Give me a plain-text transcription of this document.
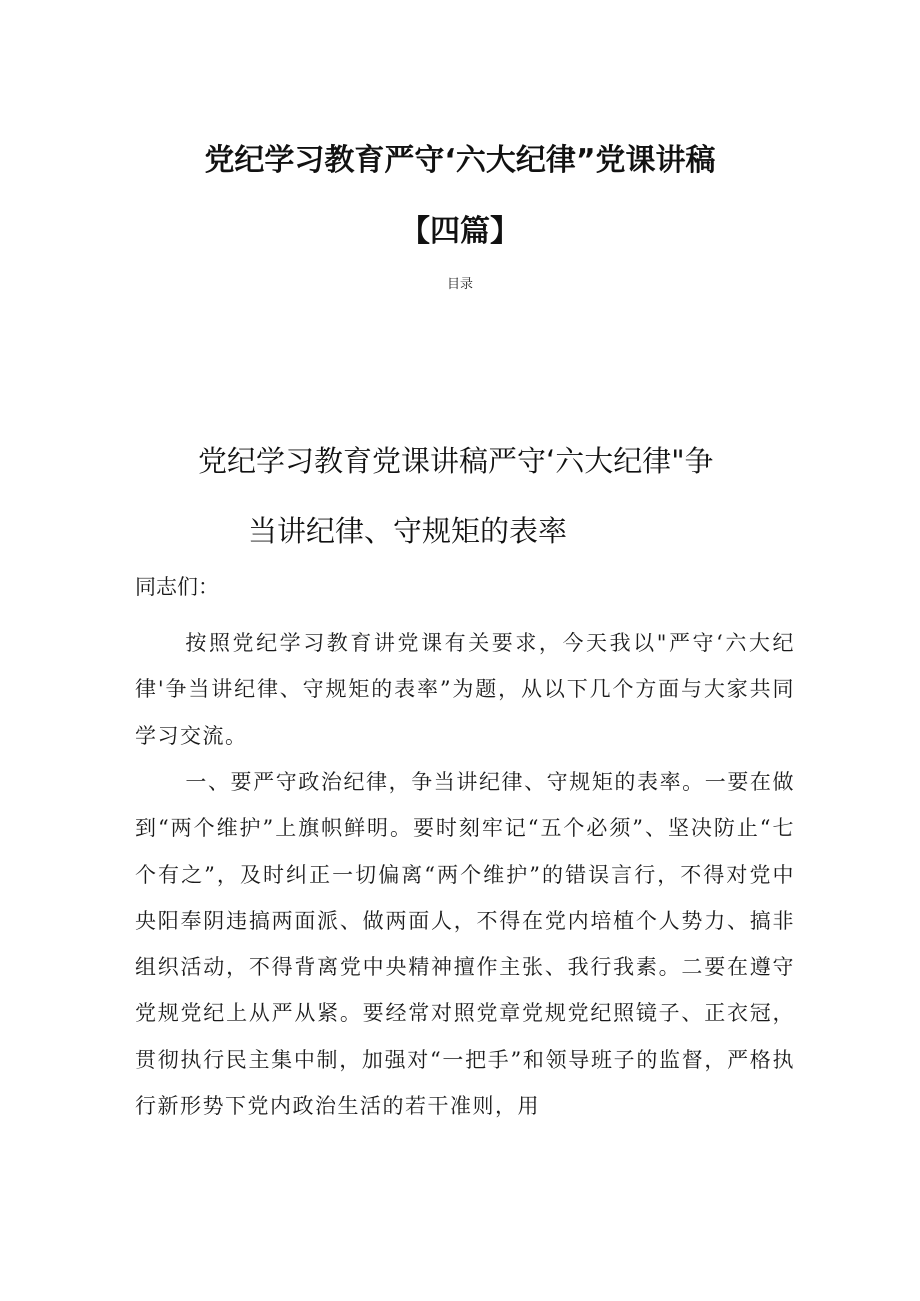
党纪学习教育严守‘六大纪律”党课讲稿
【四篇】
目录
党纪学习教育党课讲稿严守‘六大纪律"争
当讲纪律、守规矩的表率
同志们：

按照党纪学习教育讲党课有关要求，今天我以"严守‘六大纪律'争当讲纪律、守规矩的表率”为题，从以下几个方面与大家共同学习交流。

一、要严守政治纪律，争当讲纪律、守规矩的表率。一要在做到“两个维护”上旗帜鲜明。要时刻牢记“五个必须”、坚决防止“七个有之”，及时纠正一切偏离“两个维护”的错误言行，不得对党中央阳奉阴违搞两面派、做两面人，不得在党内培植个人势力、搞非组织活动，不得背离党中央精神擅作主张、我行我素。二要在遵守党规党纪上从严从紧。要经常对照党章党规党纪照镜子、正衣冠，贯彻执行民主集中制，加强对“一把手”和领导班子的监督，严格执行新形势下党内政治生活的若干准则，用
